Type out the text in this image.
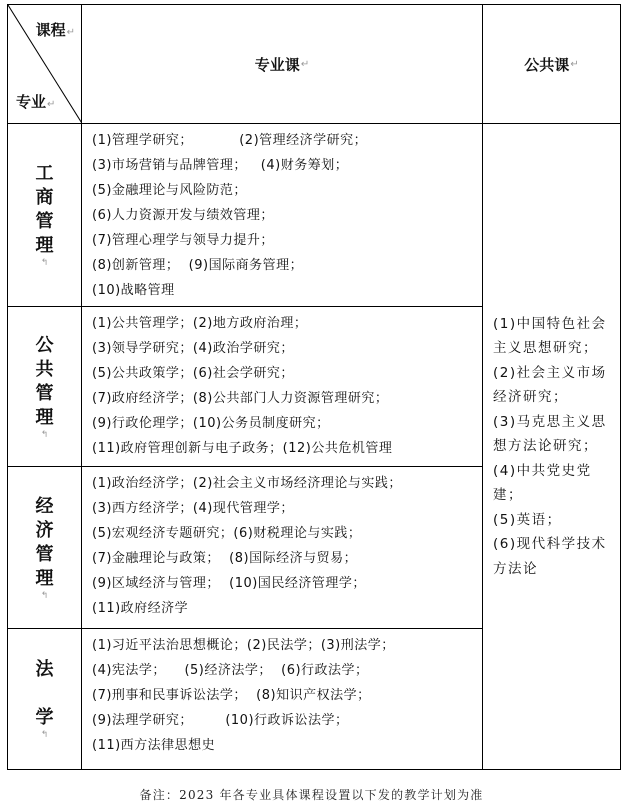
课程↵
专业↵
专业课 ↵	公共课 ↵
工
商
管
理
↰
(1)管理学研究；          (2)管理经济学研究；
(3)市场营销与品牌管理；   (4)财务筹划；
(5)金融理论与风险防范；
(6)人力资源开发与绩效管理；
(7)管理心理学与领导力提升；
(8)创新管理；  (9)国际商务管理；
(10)战略管理
公
共
管
理
↰
(1)公共管理学；(2)地方政府治理；
(3)领导学研究；(4)政治学研究；
(5)公共政策学；(6)社会学研究；
(7)政府经济学；(8)公共部门人力资源管理研究；
(9)行政伦理学；(10)公务员制度研究；
(11)政府管理创新与电子政务；(12)公共危机管理
经
济
管
理
↰
(1)政治经济学；(2)社会主义市场经济理论与实践；
(3)西方经济学；(4)现代管理学；
(5)宏观经济专题研究；(6)财税理论与实践；
(7)金融理论与政策；  (8)国际经济与贸易；
(9)区域经济与管理；  (10)国民经济管理学；
(11)政府经济学
法
学
↰
(1)习近平法治思想概论；(2)民法学；(3)刑法学；
(4)宪法学；    (5)经济法学；  (6)行政法学；
(7)刑事和民事诉讼法学；  (8)知识产权法学；
(9)法理学研究；       (10)行政诉讼法学；
(11)西方法律思想史
(1)中国特色社会主义思想研究；
(2)社会主义市场经济研究；
(3)马克思主义思想方法论研究；
(4)中共党史党建；
(5)英语；
(6)现代科学技术方法论
备注：2023 年各专业具体课程设置以下发的教学计划为准
